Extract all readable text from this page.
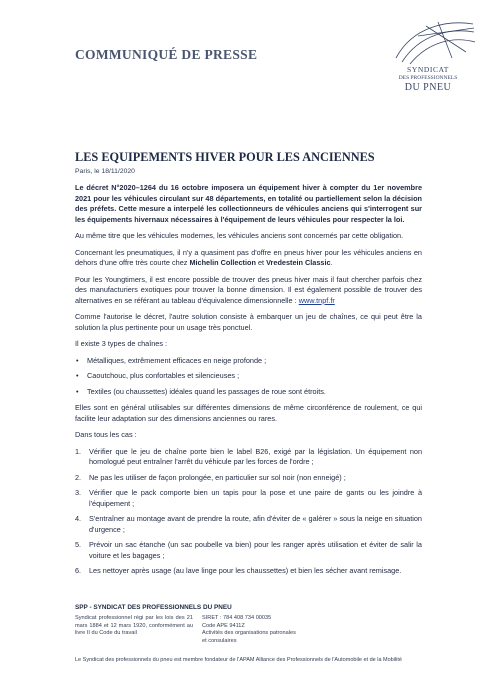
COMMUNIQUÉ DE PRESSE
SYNDICAT
DES PROFESSIONNELS
DU PNEU
LES EQUIPEMENTS HIVER POUR LES ANCIENNES
Paris, le 18/11/2020

Le décret N°2020–1264 du 16 octobre imposera un équipement hiver à compter du 1er novembre 2021 pour les véhicules circulant sur 48 départements, en totalité ou partiellement selon la décision des préfets. Cette mesure a interpelé les collectionneurs de véhicules anciens qui s'interrogent sur les équipements hivernaux nécessaires à l'équipement de leurs véhicules pour respecter la loi.

Au même titre que les véhicules modernes, les véhicules anciens sont concernés par cette obligation.

Concernant les pneumatiques, il n'y a quasiment pas d'offre en pneus hiver pour les véhicules anciens en dehors d'une offre très courte chez Michelin Collection et Vredestein Classic.

Pour les Youngtimers, il est encore possible de trouver des pneus hiver mais il faut chercher parfois chez des manufacturiers exotiques pour trouver la bonne dimension. Il est également possible de trouver des alternatives en se référant au tableau d'équivalence dimensionnelle : www.tnpf.fr

Comme l'autorise le décret, l'autre solution consiste à embarquer un jeu de chaînes, ce qui peut être la solution la plus pertinente pour un usage très ponctuel.

Il existe 3 types de chaînes :

• Métalliques, extrêmement efficaces en neige profonde ;
• Caoutchouc, plus confortables et silencieuses ;
• Textiles (ou chaussettes) idéales quand les passages de roue sont étroits.

Elles sont en général utilisables sur différentes dimensions de même circonférence de roulement, ce qui facilite leur adaptation sur des dimensions anciennes ou rares.

Dans tous les cas :

1. Vérifier que le jeu de chaîne porte bien le label B26, exigé par la législation. Un équipement non homologué peut entraîner l'arrêt du véhicule par les forces de l'ordre ;
2. Ne pas les utiliser de façon prolongée, en particulier sur sol noir (non enneigé) ;
3. Vérifier que le pack comporte bien un tapis pour la pose et une paire de gants ou les joindre à l'équipement ;
4. S'entraîner au montage avant de prendre la route, afin d'éviter de « galérer » sous la neige en situation d'urgence ;
5. Prévoir un sac étanche (un sac poubelle va bien) pour les ranger après utilisation et éviter de salir la voiture et les bagages ;
6. Les nettoyer après usage (au lave linge pour les chaussettes) et bien les sécher avant remisage.
SPP - SYNDICAT DES PROFESSIONNELS DU PNEU
Syndicat professionnel régi par les lois des 21 mars 1884 et 12 mars 1920, conformément au livre II du Code du travail
SIRET : 784 408 734 00035
Code APE 9411Z
Activités des organisations patronales
et consulaires
Le Syndicat des professionnels du pneu est membre fondateur de l'APAM Alliance des Professionnels de l'Automobile et de la Mobilité
